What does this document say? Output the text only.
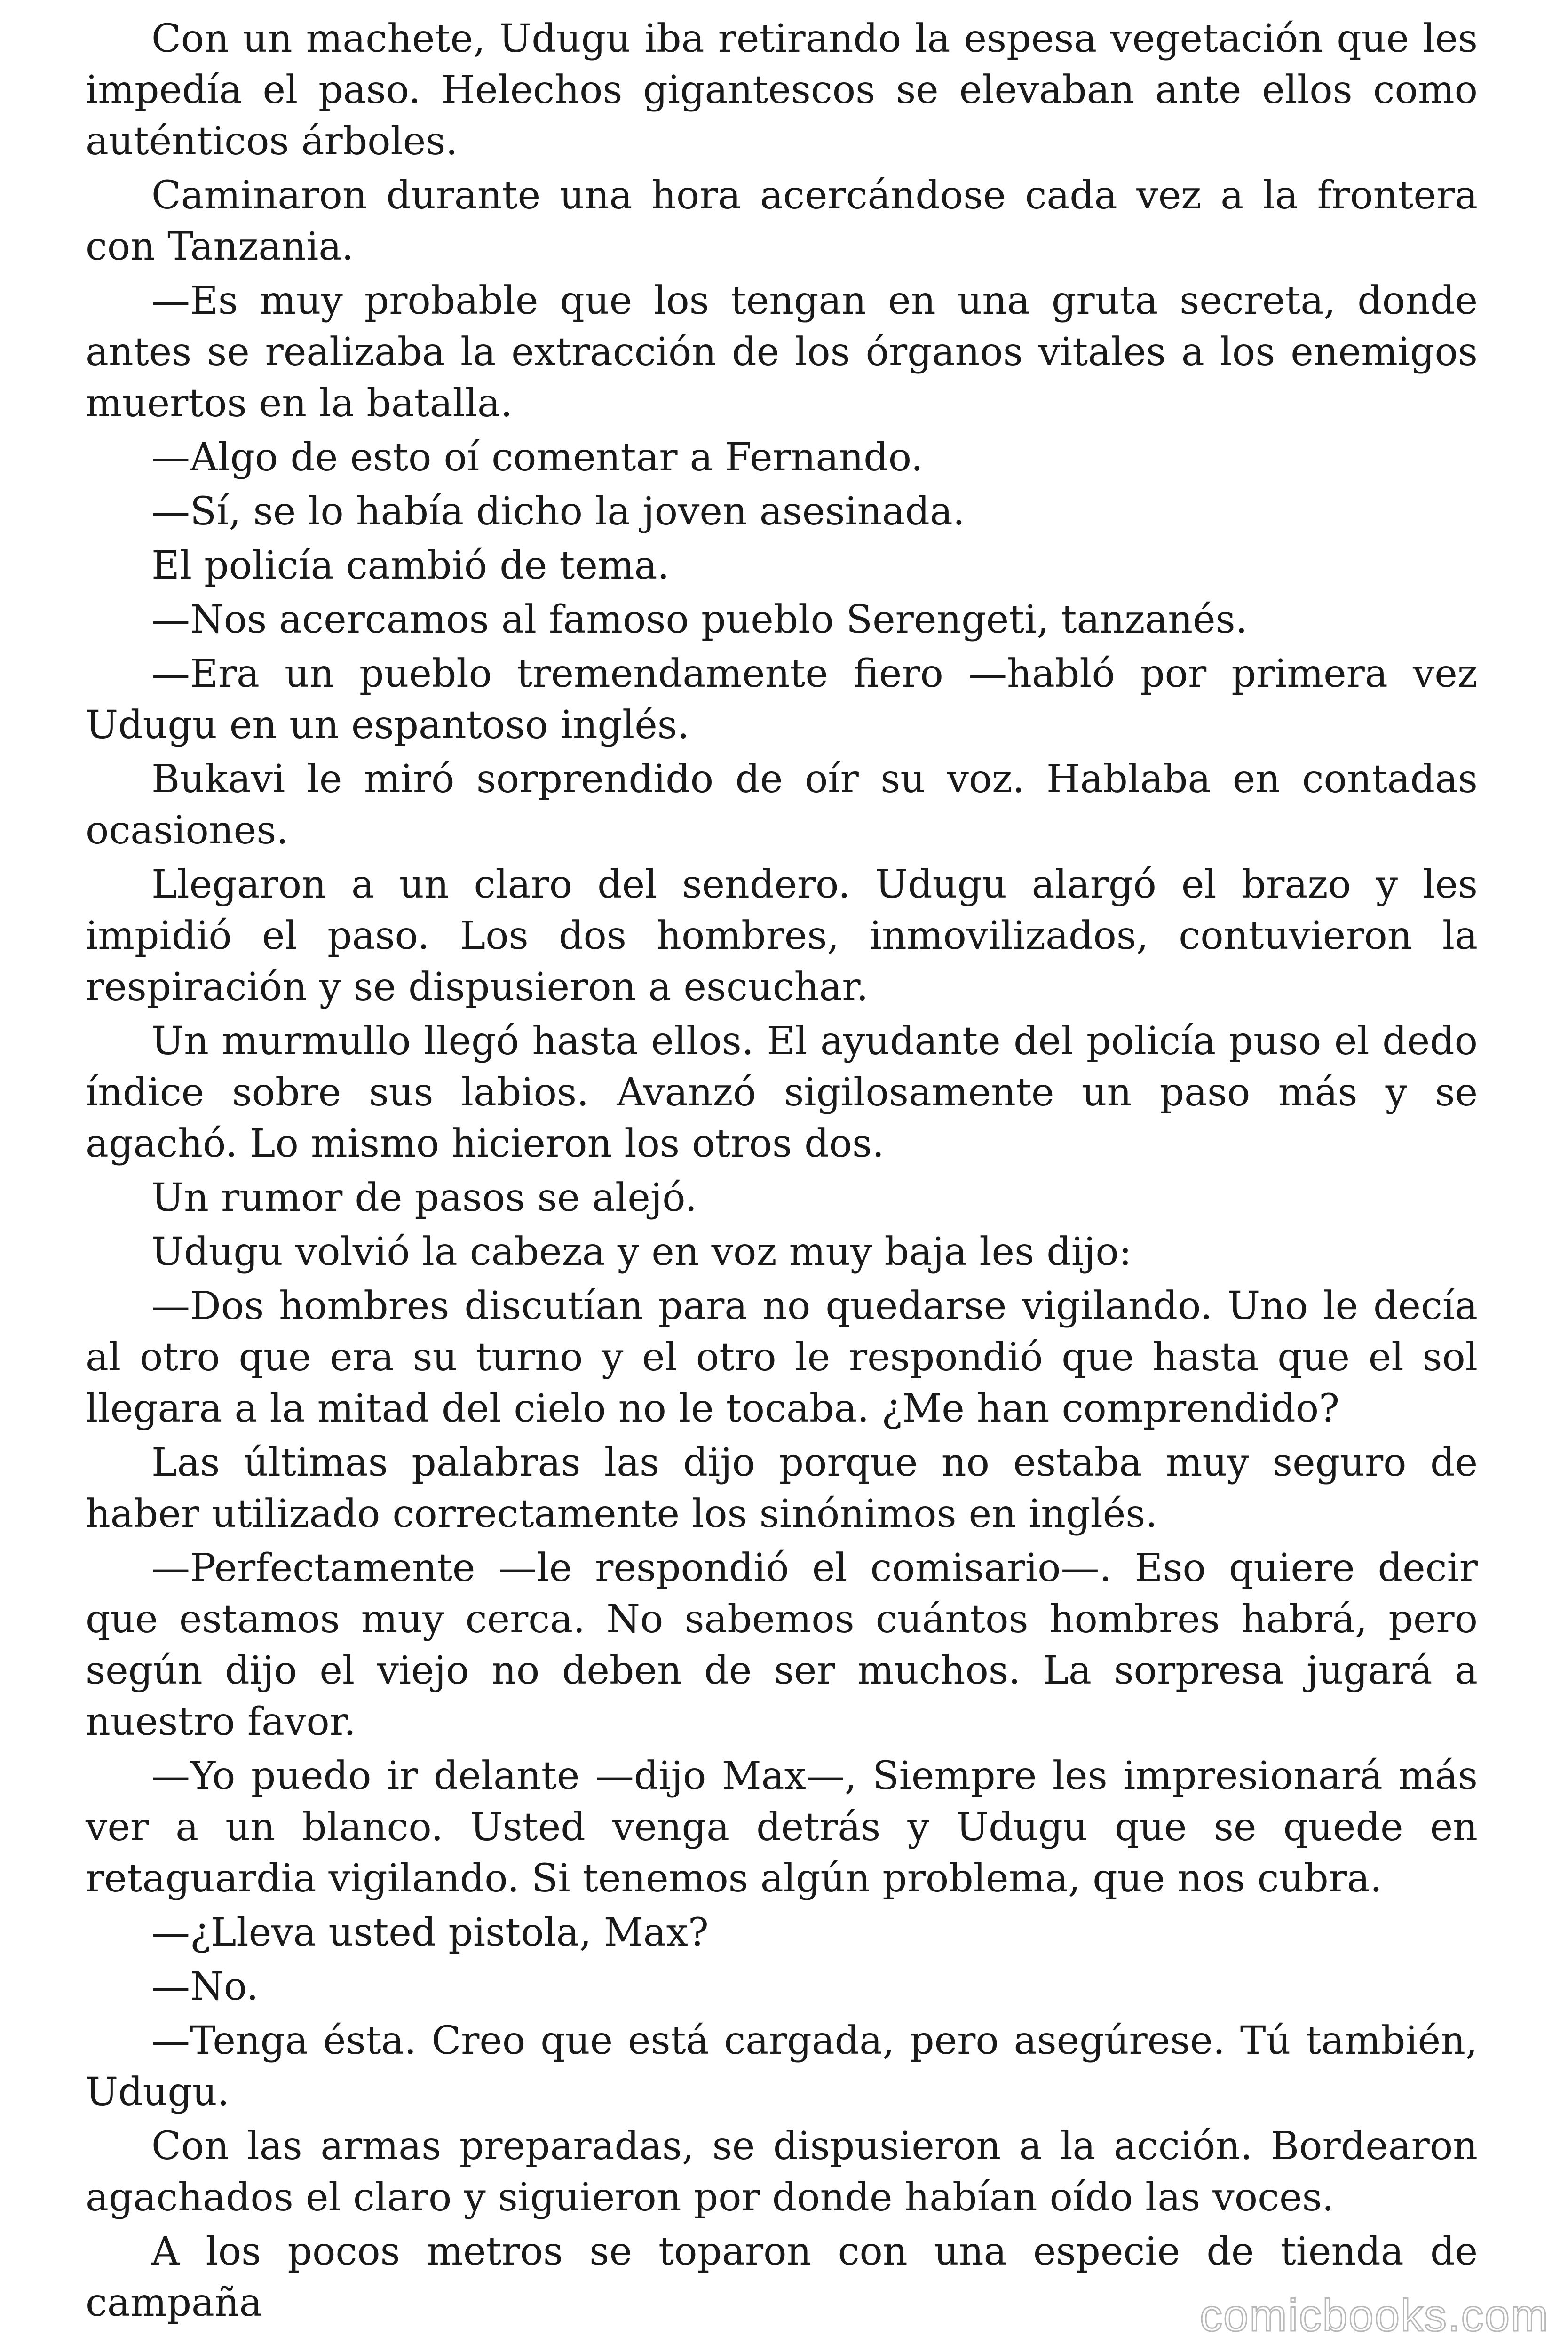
Con un machete, Udugu iba retirando la espesa vegetación que les impedía el paso. Helechos gigantescos se elevaban ante ellos como auténticos árboles.

Caminaron durante una hora acercándose cada vez a la frontera con Tanzania.

—Es muy probable que los tengan en una gruta secreta, donde antes se realizaba la extracción de los órganos vitales a los enemigos muertos en la batalla.

—Algo de esto oí comentar a Fernando.

—Sí, se lo había dicho la joven asesinada.

El policía cambió de tema.

—Nos acercamos al famoso pueblo Serengeti, tanzanés.

—Era un pueblo tremendamente fiero —habló por primera vez Udugu en un espantoso inglés.

Bukavi le miró sorprendido de oír su voz. Hablaba en contadas ocasiones.

Llegaron a un claro del sendero. Udugu alargó el brazo y les impidió el paso. Los dos hombres, inmovilizados, contuvieron la respiración y se dispusieron a escuchar.

Un murmullo llegó hasta ellos. El ayudante del policía puso el dedo índice sobre sus labios. Avanzó sigilosamente un paso más y se agachó. Lo mismo hicieron los otros dos.

Un rumor de pasos se alejó.

Udugu volvió la cabeza y en voz muy baja les dijo:

—Dos hombres discutían para no quedarse vigilando. Uno le decía al otro que era su turno y el otro le respondió que hasta que el sol llegara a la mitad del cielo no le tocaba. ¿Me han comprendido?

Las últimas palabras las dijo porque no estaba muy seguro de haber utilizado correctamente los sinónimos en inglés.

—Perfectamente —le respondió el comisario—. Eso quiere decir que estamos muy cerca. No sabemos cuántos hombres habrá, pero según dijo el viejo no deben de ser muchos. La sorpresa jugará a nuestro favor.

—Yo puedo ir delante —dijo Max—, Siempre les impresionará más ver a un blanco. Usted venga detrás y Udugu que se quede en retaguardia vigilando. Si tenemos algún problema, que nos cubra.

—¿Lleva usted pistola, Max?

—No.

—Tenga ésta. Creo que está cargada, pero asegúrese. Tú también, Udugu.

Con las armas preparadas, se dispusieron a la acción. Bordearon agachados el claro y siguieron por donde habían oído las voces.

A los pocos metros se toparon con una especie de tienda de campaña	comicbooks.com
